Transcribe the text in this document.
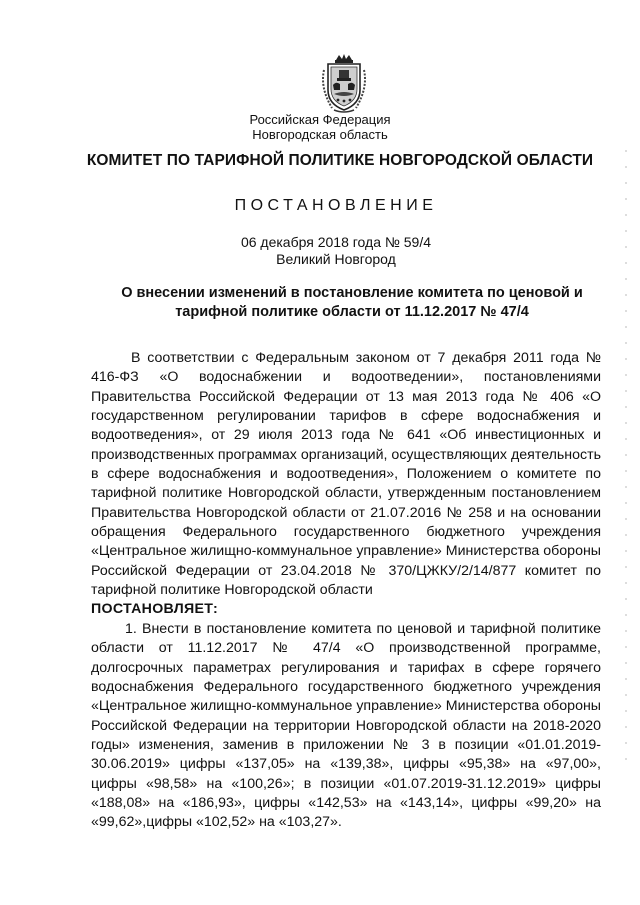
Российская Федерация
Новгородская область
КОМИТЕТ ПО ТАРИФНОЙ ПОЛИТИКЕ НОВГОРОДСКОЙ ОБЛАСТИ
ПОСТАНОВЛЕНИЕ
06 декабря 2018 года № 59/4
Великий Новгород
О внесении изменений в постановление комитета по ценовой и тарифной политике области от 11.12.2017 № 47/4

В соответствии с Федеральным законом от 7 декабря 2011 года № 416-ФЗ «О водоснабжении и водоотведении», постановлениями Правительства Российской Федерации от 13 мая 2013 года № 406 «О государственном регулировании тарифов в сфере водоснабжения и водоотведения», от 29 июля 2013 года № 641 «Об инвестиционных и производственных программах организаций, осуществляющих деятельность в сфере водоснабжения и водоотведения», Положением о комитете по тарифной политике Новгородской области, утвержденным постановлением Правительства Новгородской области от 21.07.2016 № 258 и на основании обращения Федерального государственного бюджетного учреждения «Центральное жилищно-коммунальное управление» Министерства обороны Российской Федерации от 23.04.2018 № 370/ЦЖКУ/2/14/877 комитет по тарифной политике Новгородской области

ПОСТАНОВЛЯЕТ:

1. Внести в постановление комитета по ценовой и тарифной политике области от 11.12.2017 № 47/4 «О производственной программе, долгосрочных параметрах регулирования и тарифах в сфере горячего водоснабжения Федерального государственного бюджетного учреждения «Центральное жилищно-коммунальное управление» Министерства обороны Российской Федерации на территории Новгородской области на 2018-2020 годы» изменения, заменив в приложении № 3 в позиции «01.01.2019-30.06.2019» цифры «137,05» на «139,38», цифры «95,38» на «97,00», цифры «98,58» на «100,26»; в позиции «01.07.2019-31.12.2019» цифры «188,08» на «186,93», цифры «142,53» на «143,14», цифры «99,20» на «99,62»,цифры «102,52» на «103,27».
